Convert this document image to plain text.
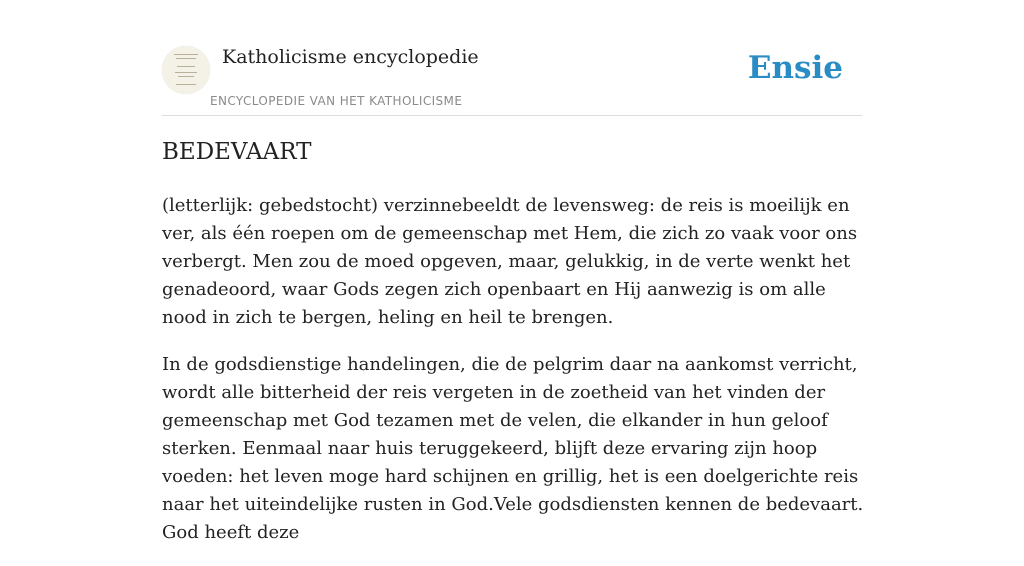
Katholicisme encyclopedie
ENCYCLOPEDIE VAN HET KATHOLICISME
Ensie
BEDEVAART

(letterlijk: gebedstocht) verzinnebeeldt de levensweg: de reis is moeilijk en ver, als één roepen om de gemeenschap met Hem, die zich zo vaak voor ons verbergt. Men zou de moed opgeven, maar, gelukkig, in de verte wenkt het genadeoord, waar Gods zegen zich openbaart en Hij aanwezig is om alle nood in zich te bergen, heling en heil te brengen.

In de godsdienstige handelingen, die de pelgrim daar na aankomst verricht, wordt alle bitterheid der reis vergeten in de zoetheid van het vinden der gemeenschap met God tezamen met de velen, die elkander in hun geloof sterken. Eenmaal naar huis teruggekeerd, blijft deze ervaring zijn hoop voeden: het leven moge hard schijnen en grillig, het is een doelgerichte reis naar het uiteindelijke rusten in God.Vele godsdiensten kennen de bedevaart. God heeft deze
